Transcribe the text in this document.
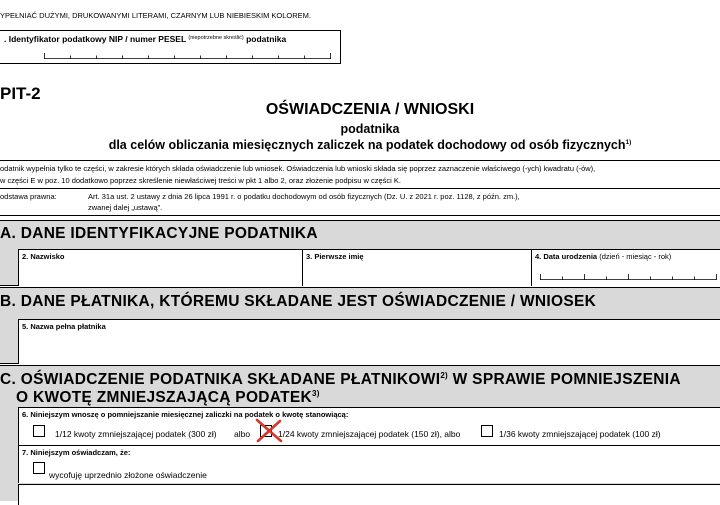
YPEŁNIAĆ DUŻYMI, DRUKOWANYMI LITERAMI, CZARNYM LUB NIEBIESKIM KOLOREM.
. Identyfikator podatkowy NIP / numer PESEL $^{(niepotrzebne skreślić)}$ podatnika
PIT-2
OŚWIADCZENIA / WNIOSKI
podatnika
dla celów obliczania miesięcznych zaliczek na podatek dochodowy od osób fizycznych$^{1)}$
odatnik wypełnia tylko te części, w zakresie których składa oświadczenie lub wniosek. Oświadczenia lub wnioski składa się poprzez zaznaczenie właściwego (-ych) kwadratu (-ów),
w części E w poz. 10 dodatkowo poprzez skreślenie niewłaściwej treści w pkt 1 albo 2, oraz złożenie podpisu w części K.
odstawa prawna:	Art. 31a ust. 2 ustawy z dnia 26 lipca 1991 r. o podatku dochodowym od osób fizycznych (Dz. U. z 2021 r. poz. 1128, z późn. zm.),
zwanej dalej „ustawą”.
A. DANE IDENTYFIKACYJNE PODATNIKA
2. Nazwisko	3. Pierwsze imię	4. Data urodzenia (dzień - miesiąc - rok)
B. DANE PŁATNIKA, KTÓREMU SKŁADANE JEST OŚWIADCZENIE / WNIOSEK
5. Nazwa pełna płatnika
C. OŚWIADCZENIE PODATNIKA SKŁADANE PŁATNIKOWI$^{2)}$ W SPRAWIE POMNIEJSZENIA
O KWOTĘ ZMNIEJSZAJĄCĄ PODATEK$^{3)}$
6. Niniejszym wnoszę o pomniejszanie miesięcznej zaliczki na podatek o kwotę stanowiącą:
1/12 kwoty zmniejszającej podatek (300 zł) albo	1/24 kwoty zmniejszającej podatek (150 zł), albo	1/36 kwoty zmniejszającej podatek (100 zł)
7. Niniejszym oświadczam, że:
wycofuję uprzednio złożone oświadczenie
